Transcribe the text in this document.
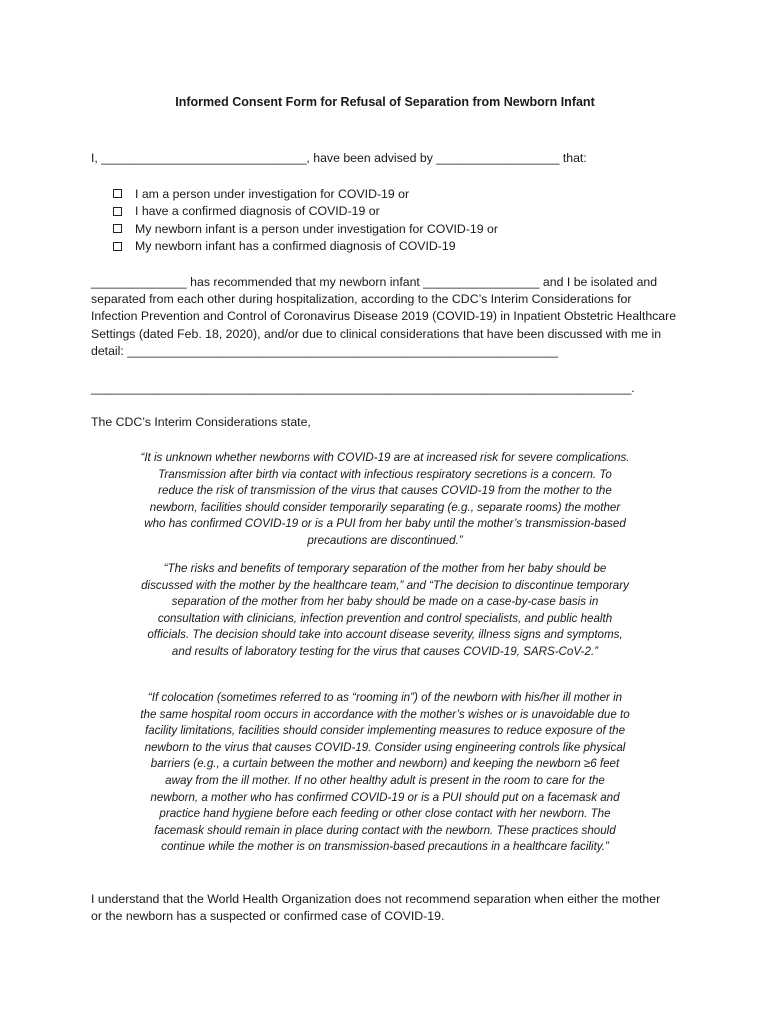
Informed Consent Form for Refusal of Separation from Newborn Infant
I, ______________________________, have been advised by __________________ that:
I am a person under investigation for COVID-19 or
I have a confirmed diagnosis of COVID-19 or
My newborn infant is a person under investigation for COVID-19 or
My newborn infant has a confirmed diagnosis of COVID-19
______________ has recommended that my newborn infant _________________ and I be isolated and separated from each other during hospitalization, according to the CDC’s Interim Considerations for Infection Prevention and Control of Coronavirus Disease 2019 (COVID-19) in Inpatient Obstetric Healthcare Settings (dated Feb. 18, 2020), and/or due to clinical considerations that have been discussed with me in detail: _______________________________________________________________
_______________________________________________________________________________.
The CDC’s Interim Considerations state,
“It is unknown whether newborns with COVID-19 are at increased risk for severe complications. Transmission after birth via contact with infectious respiratory secretions is a concern. To reduce the risk of transmission of the virus that causes COVID-19 from the mother to the newborn, facilities should consider temporarily separating (e.g., separate rooms) the mother who has confirmed COVID-19 or is a PUI from her baby until the mother’s transmission-based precautions are discontinued.”
“The risks and benefits of temporary separation of the mother from her baby should be discussed with the mother by the healthcare team,” and “The decision to discontinue temporary separation of the mother from her baby should be made on a case-by-case basis in consultation with clinicians, infection prevention and control specialists, and public health officials. The decision should take into account disease severity, illness signs and symptoms, and results of laboratory testing for the virus that causes COVID-19, SARS-CoV-2.”
“If colocation (sometimes referred to as “rooming in”) of the newborn with his/her ill mother in the same hospital room occurs in accordance with the mother’s wishes or is unavoidable due to facility limitations, facilities should consider implementing measures to reduce exposure of the newborn to the virus that causes COVID-19. Consider using engineering controls like physical barriers (e.g., a curtain between the mother and newborn) and keeping the newborn ≥6 feet away from the ill mother. If no other healthy adult is present in the room to care for the newborn, a mother who has confirmed COVID-19 or is a PUI should put on a facemask and practice hand hygiene before each feeding or other close contact with her newborn. The facemask should remain in place during contact with the newborn. These practices should continue while the mother is on transmission-based precautions in a healthcare facility.”
I understand that the World Health Organization does not recommend separation when either the mother or the newborn has a suspected or confirmed case of COVID-19.
